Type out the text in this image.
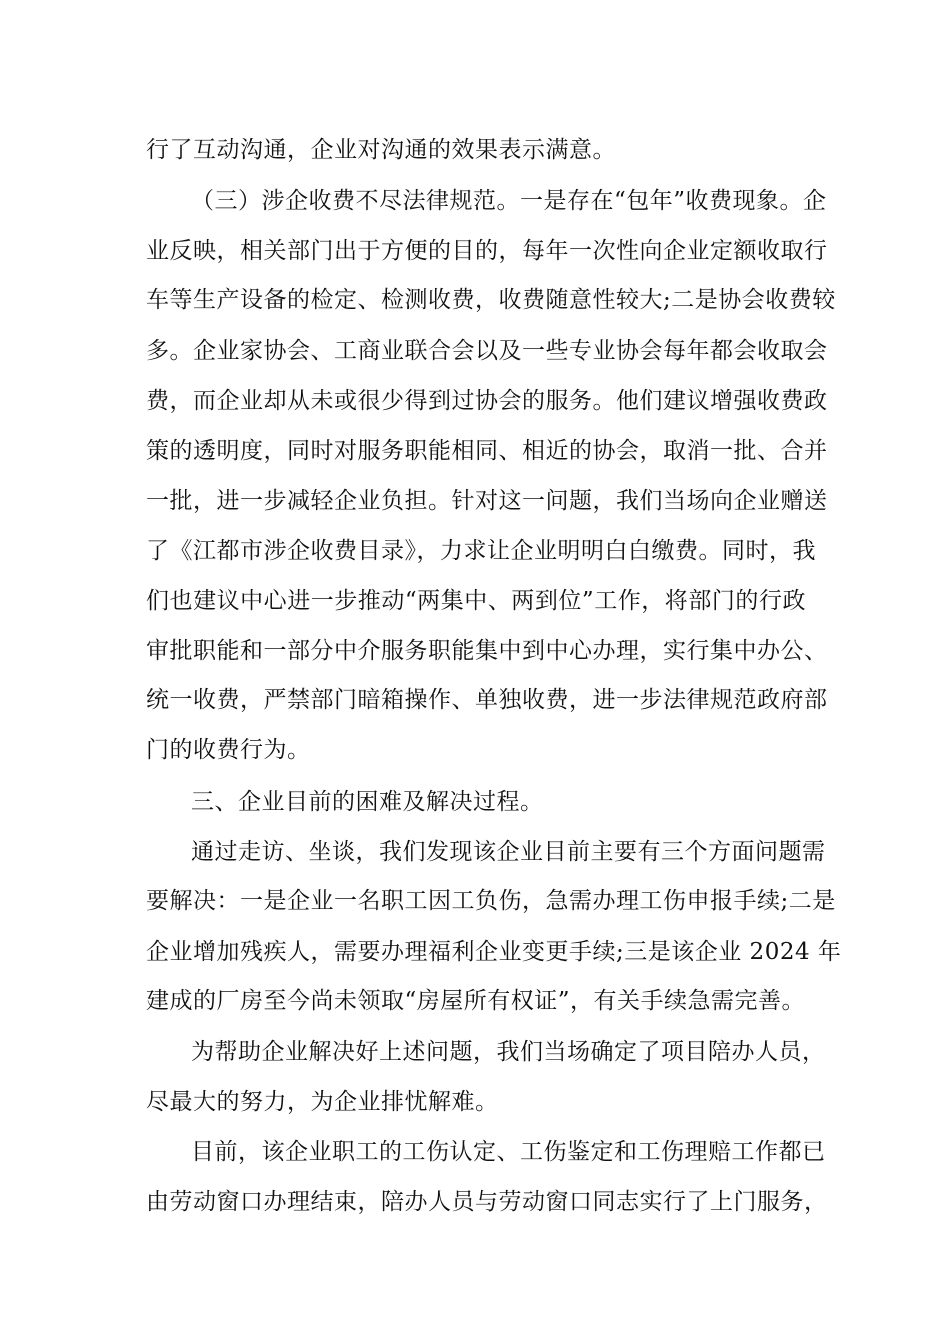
行了互动沟通，企业对沟通的效果表示满意。
（三）涉企收费不尽法律规范。一是存在“包年”收费现象。企
业反映，相关部门出于方便的目的，每年一次性向企业定额收取行
车等生产设备的检定、检测收费，收费随意性较大;二是协会收费较
多。企业家协会、工商业联合会以及一些专业协会每年都会收取会
费，而企业却从未或很少得到过协会的服务。他们建议增强收费政
策的透明度，同时对服务职能相同、相近的协会，取消一批、合并
一批，进一步减轻企业负担。针对这一问题，我们当场向企业赠送
了《江都市涉企收费目录》，力求让企业明明白白缴费。同时，我
们也建议中心进一步推动“两集中、两到位”工作，将部门的行政
审批职能和一部分中介服务职能集中到中心办理，实行集中办公、
统一收费，严禁部门暗箱操作、单独收费，进一步法律规范政府部
门的收费行为。
三、企业目前的困难及解决过程。
通过走访、坐谈，我们发现该企业目前主要有三个方面问题需
要解决：一是企业一名职工因工负伤，急需办理工伤申报手续;二是
企业增加残疾人，需要办理福利企业变更手续;三是该企业 2024 年
建成的厂房至今尚未领取“房屋所有权证”，有关手续急需完善。
为帮助企业解决好上述问题，我们当场确定了项目陪办人员，
尽最大的努力，为企业排忧解难。
目前，该企业职工的工伤认定、工伤鉴定和工伤理赔工作都已
由劳动窗口办理结束，陪办人员与劳动窗口同志实行了上门服务，
